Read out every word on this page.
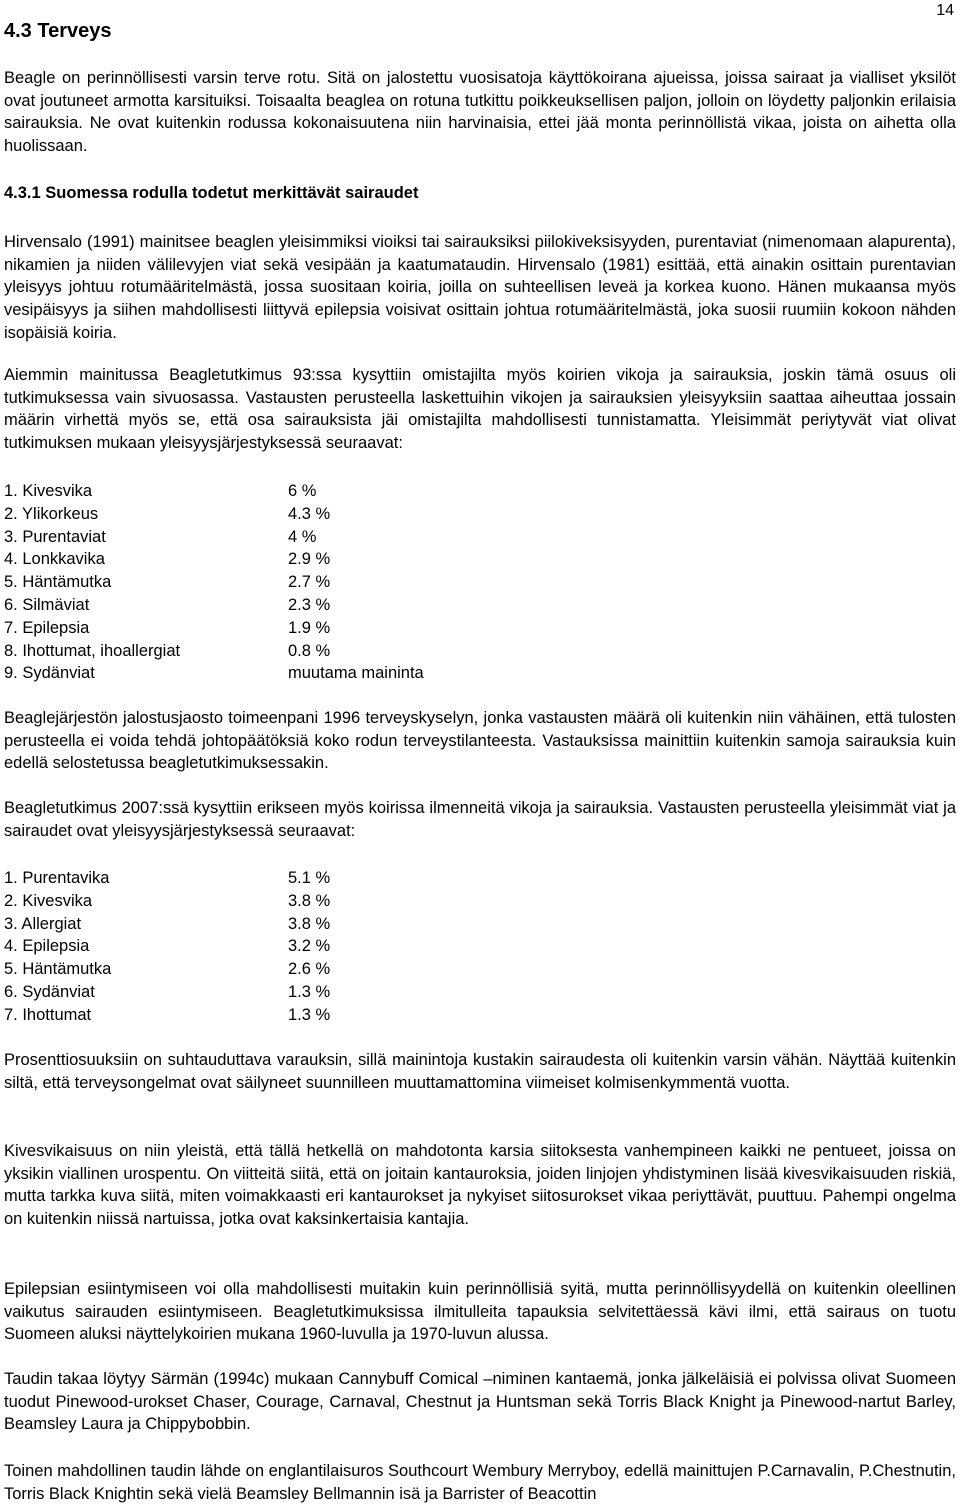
14
4.3 Terveys
Beagle on perinnöllisesti varsin terve rotu. Sitä on jalostettu vuosisatoja käyttökoirana ajueissa, joissa sairaat ja vialliset yksilöt ovat joutuneet armotta karsituiksi. Toisaalta beaglea on rotuna tutkittu poikkeuksellisen paljon, jolloin on löydetty paljonkin erilaisia sairauksia. Ne ovat kuitenkin rodussa kokonaisuutena niin harvinaisia, ettei jää monta perinnöllistä vikaa, joista on aihetta olla huolissaan.
4.3.1 Suomessa rodulla todetut merkittävät sairaudet
Hirvensalo (1991) mainitsee beaglen yleisimmiksi vioiksi tai sairauksiksi piilokiveksisyyden, purentaviat (nimenomaan alapurenta), nikamien ja niiden välilevyjen viat sekä vesipään ja kaatumataudin. Hirvensalo (1981) esittää, että ainakin osittain purentavian yleisyys johtuu rotumääritelmästä, jossa suositaan koiria, joilla on suhteellisen leveä ja korkea kuono. Hänen mukaansa myös vesipäisyys ja siihen mahdollisesti liittyvä epilepsia voisivat osittain johtua rotumääritelmästä, joka suosii ruumiin kokoon nähden isopäisiä koiria.
Aiemmin mainitussa Beagletutkimus 93:ssa kysyttiin omistajilta myös koirien vikoja ja sairauksia, joskin tämä osuus oli tutkimuksessa vain sivuosassa. Vastausten perusteella laskettuihin vikojen ja sairauksien yleisyyksiin saattaa aiheuttaa jossain määrin virhettä myös se, että osa sairauksista jäi omistajilta mahdollisesti tunnistamatta. Yleisimmät periytyvät viat olivat tutkimuksen mukaan yleisyysjärjestyksessä seuraavat:
1. Kivesvika	6 %
2. Ylikorkeus	4.3 %
3. Purentaviat	4 %
4. Lonkkavika	2.9 %
5. Häntämutka	2.7 %
6. Silmäviat	2.3 %
7. Epilepsia	1.9 %
8. Ihottumat, ihoallergiat	0.8 %
9. Sydänviat	muutama maininta
Beaglejärjestön jalostusjaosto toimeenpani 1996 terveyskyselyn, jonka vastausten määrä oli kuitenkin niin vähäinen, että tulosten perusteella ei voida tehdä johtopäätöksiä koko rodun terveystilanteesta. Vastauksissa mainittiin kuitenkin samoja sairauksia kuin edellä selostetussa beagletutkimuksessakin.
Beagletutkimus 2007:ssä kysyttiin erikseen myös koirissa ilmenneitä vikoja ja sairauksia. Vastausten perusteella yleisimmät viat ja sairaudet ovat yleisyysjärjestyksessä seuraavat:
1. Purentavika	5.1 %
2. Kivesvika	3.8 %
3. Allergiat	3.8 %
4. Epilepsia	3.2 %
5. Häntämutka	2.6 %
6. Sydänviat	1.3 %
7. Ihottumat	1.3 %
Prosenttiosuuksiin on suhtauduttava varauksin, sillä mainintoja kustakin sairaudesta oli kuitenkin varsin vähän. Näyttää kuitenkin siltä, että terveysongelmat ovat säilyneet suunnilleen muuttamattomina viimeiset kolmisenkymmentä vuotta.
Kivesvikaisuus on niin yleistä, että tällä hetkellä on mahdotonta karsia siitoksesta vanhempineen kaikki ne pentueet, joissa on yksikin viallinen urospentu. On viitteitä siitä, että on joitain kantauroksia, joiden linjojen yhdistyminen lisää kivesvikaisuuden riskiä, mutta tarkka kuva siitä, miten voimakkaasti eri kantaurokset ja nykyiset siitosurokset vikaa periyttävät, puuttuu. Pahempi ongelma on kuitenkin niissä nartuissa, jotka ovat kaksinkertaisia kantajia.
Epilepsian esiintymiseen voi olla mahdollisesti muitakin kuin perinnöllisiä syitä, mutta perinnöllisyydellä on kuitenkin oleellinen vaikutus sairauden esiintymiseen. Beagletutkimuksissa ilmitulleita tapauksia selvitettäessä kävi ilmi, että sairaus on tuotu Suomeen aluksi näyttelykoirien mukana 1960-luvulla ja 1970-luvun alussa.
Taudin takaa löytyy Särmän (1994c) mukaan Cannybuff Comical –niminen kantaemä, jonka jälkeläisiä ei polvissa olivat Suomeen tuodut Pinewood-urokset Chaser, Courage, Carnaval, Chestnut ja Huntsman sekä Torris Black Knight ja Pinewood-nartut Barley, Beamsley Laura ja Chippybobbin.
Toinen mahdollinen taudin lähde on englantilaisuros Southcourt Wembury Merryboy, edellä mainittujen P.Carnavalin, P.Chestnutin, Torris Black Knightin sekä vielä Beamsley Bellmannin isä ja Barrister of Beacottin
